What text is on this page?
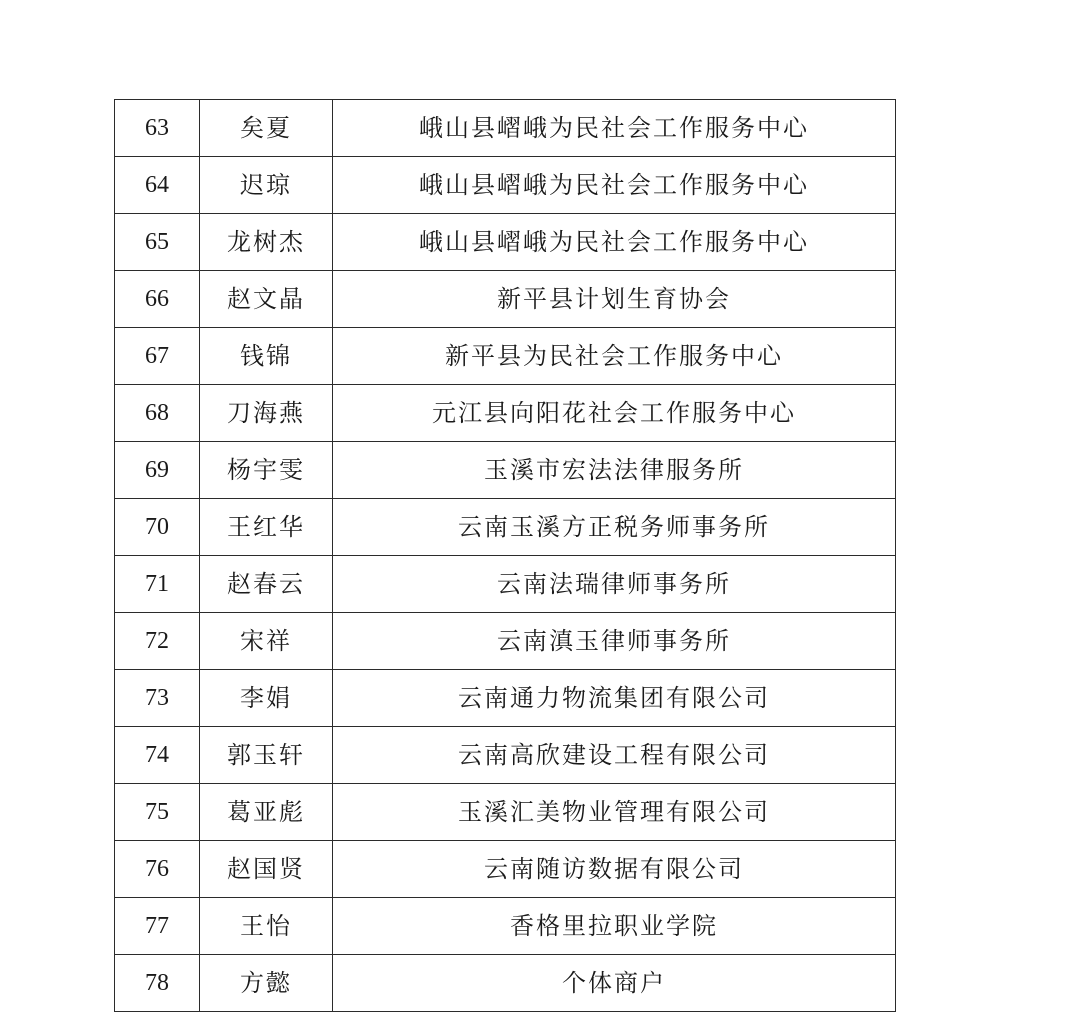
63	矣夏	峨山县嶍峨为民社会工作服务中心
64	迟琼	峨山县嶍峨为民社会工作服务中心
65	龙树杰	峨山县嶍峨为民社会工作服务中心
66	赵文晶	新平县计划生育协会
67	钱锦	新平县为民社会工作服务中心
68	刀海燕	元江县向阳花社会工作服务中心
69	杨宇雯	玉溪市宏法法律服务所
70	王红华	云南玉溪方正税务师事务所
71	赵春云	云南法瑞律师事务所
72	宋祥	云南滇玉律师事务所
73	李娟	云南通力物流集团有限公司
74	郭玉轩	云南高欣建设工程有限公司
75	葛亚彪	玉溪汇美物业管理有限公司
76	赵国贤	云南随访数据有限公司
77	王怡	香格里拉职业学院
78	方懿	个体商户
